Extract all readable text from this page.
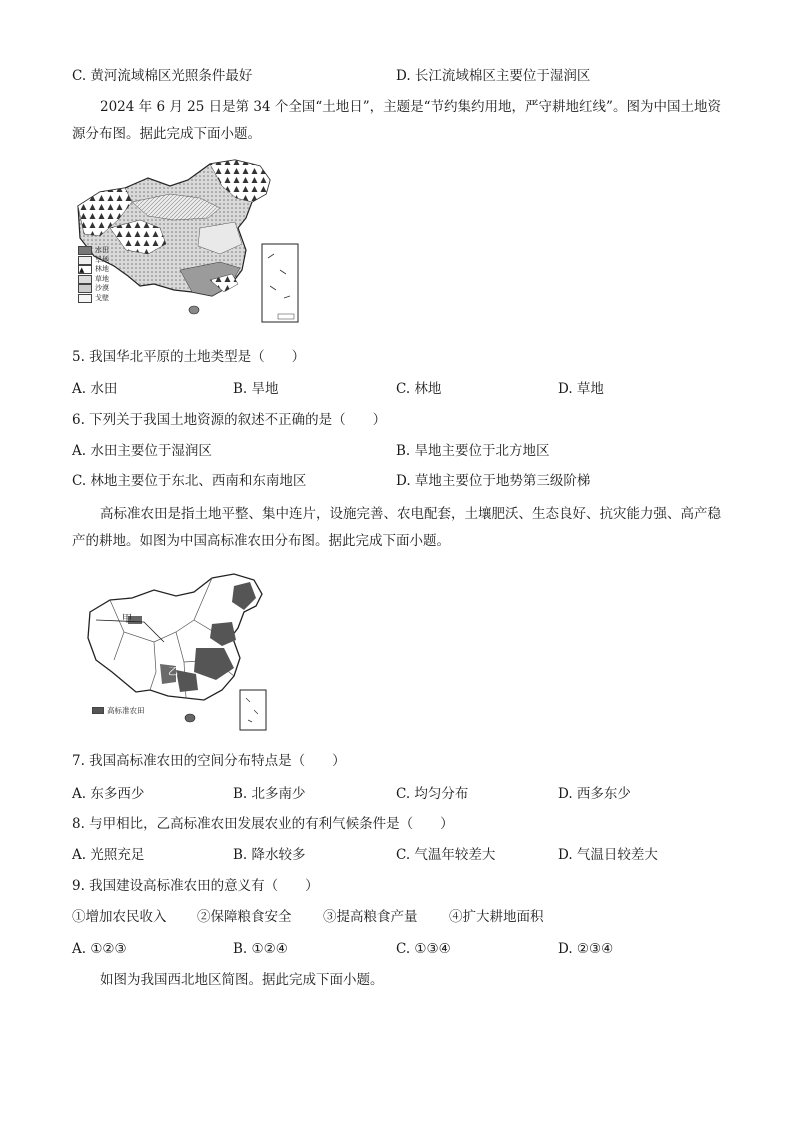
C. 黄河流域棉区光照条件最好	D. 长江流域棉区主要位于湿润区
2024 年 6 月 25 日是第 34 个全国“土地日”，主题是“节约集约用地，严守耕地红线”。图为中国土地资源分布图。据此完成下面小题。
水田
旱地
▲	林地
草地
沙漠
戈壁
5. 我国华北平原的土地类型是（　　）
A. 水田	B. 旱地	C. 林地	D. 草地
6. 下列关于我国土地资源的叙述不正确的是（　　）
A. 水田主要位于湿润区	B. 旱地主要位于北方地区
C. 林地主要位于东北、西南和东南地区	D. 草地主要位于地势第三级阶梯
高标准农田是指土地平整、集中连片，设施完善、农电配套，土壤肥沃、生态良好、抗灾能力强、高产稳产的耕地。如图为中国高标准农田分布图。据此完成下面小题。
甲
乙
高标准农田
7. 我国高标准农田的空间分布特点是（　　）
A. 东多西少	B. 北多南少	C. 均匀分布	D. 西多东少
8. 与甲相比，乙高标准农田发展农业的有利气候条件是（　　）
A. 光照充足	B. 降水较多	C. 气温年较差大	D. 气温日较差大
9. 我国建设高标准农田的意义有（　　）
①增加农民收入 ②保障粮食安全 ③提高粮食产量 ④扩大耕地面积
A. ①②③	B. ①②④	C. ①③④	D. ②③④
如图为我国西北地区简图。据此完成下面小题。
